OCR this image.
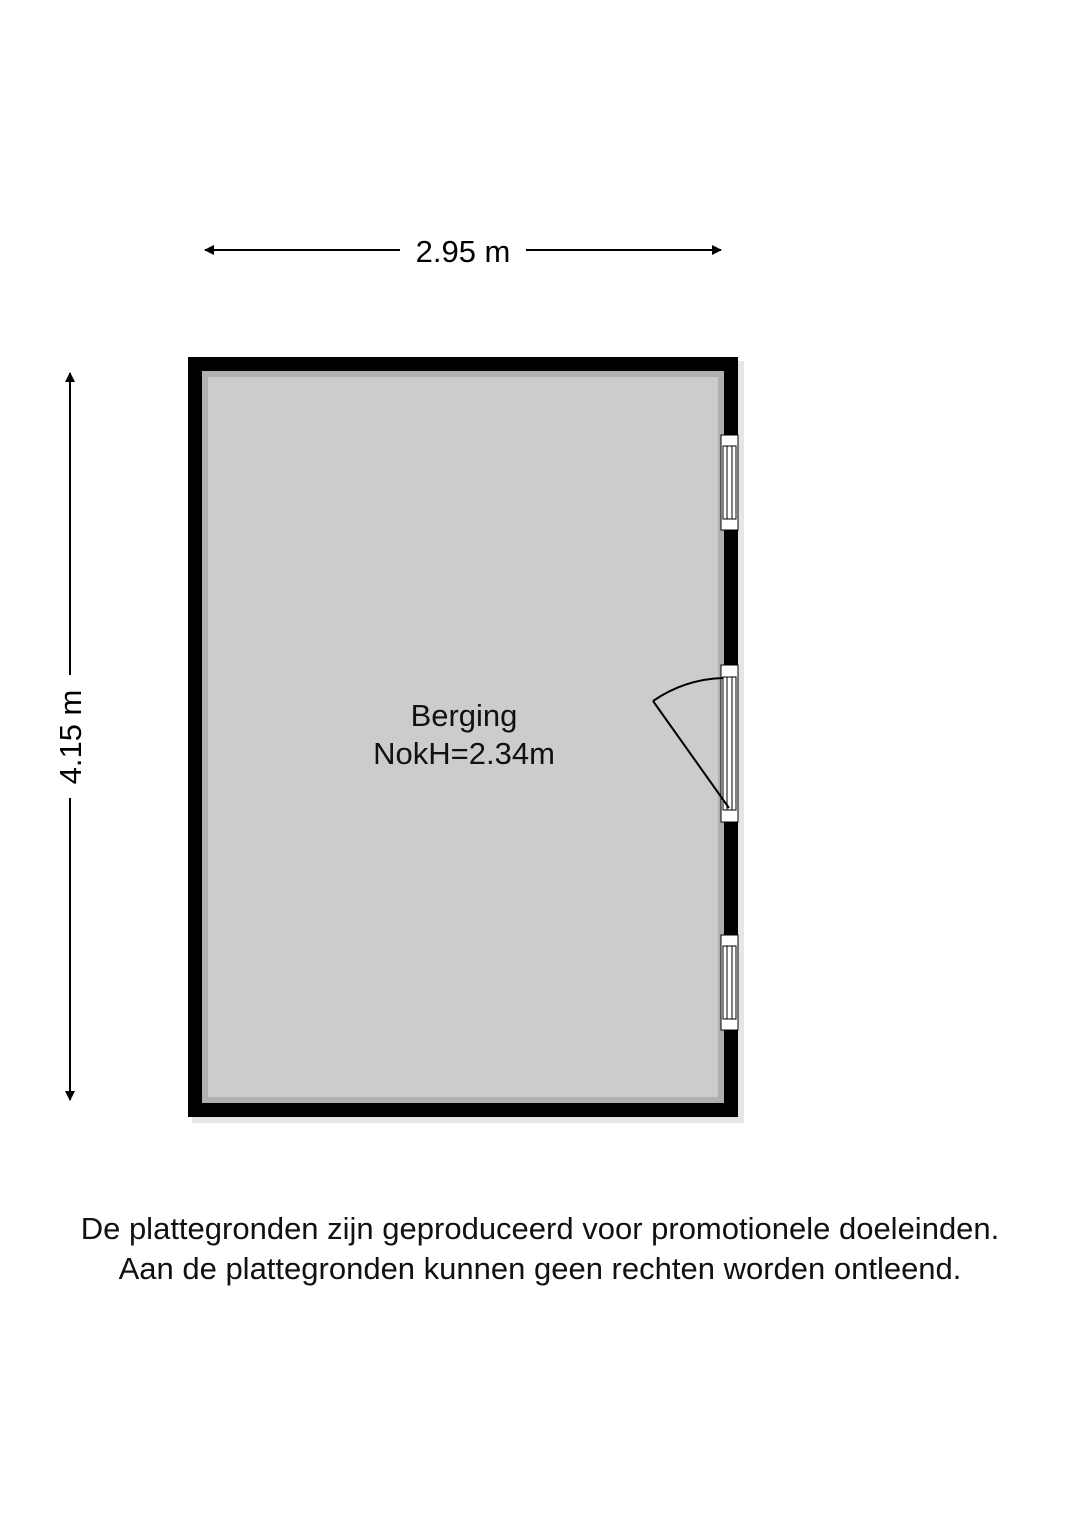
2.95 m
4.15 m	Berging
NokH=2.34m
De plattegronden zijn geproduceerd voor promotionele doeleinden.
Aan de plattegronden kunnen geen rechten worden ontleend.
